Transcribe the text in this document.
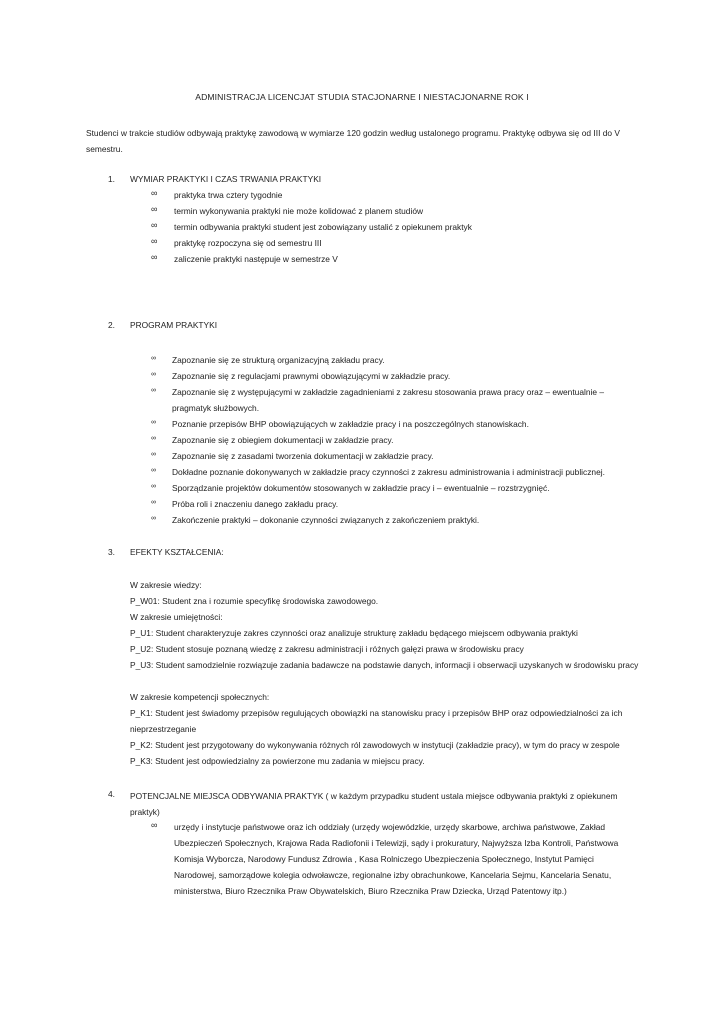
ADMINISTRACJA LICENCJAT STUDIA STACJONARNE I NIESTACJONARNE ROK I
Studenci w trakcie studiów odbywają praktykę zawodową w wymiarze 120 godzin według ustalonego programu. Praktykę odbywa się od III do V semestru.
1. WYMIAR PRAKTYKI I CZAS TRWANIA PRAKTYKI
∞ praktyka trwa cztery tygodnie
∞ termin wykonywania praktyki nie może kolidować z planem studiów
∞ termin odbywania praktyki student jest zobowiązany ustalić z opiekunem praktyk
∞ praktykę rozpoczyna się od semestru III
∞ zaliczenie praktyki następuje w semestrze V
2. PROGRAM PRAKTYKI
∞ Zapoznanie się ze strukturą organizacyjną zakładu pracy.
∞ Zapoznanie się z regulacjami prawnymi obowiązującymi w zakładzie pracy.
∞ Zapoznanie się z występującymi w zakładzie zagadnieniami z zakresu stosowania prawa pracy oraz – ewentualnie – pragmatyk służbowych.
∞ Poznanie przepisów BHP obowiązujących w zakładzie pracy i na poszczególnych stanowiskach.
∞ Zapoznanie się z obiegiem dokumentacji w zakładzie pracy.
∞ Zapoznanie się z zasadami tworzenia dokumentacji w zakładzie pracy.
∞ Dokładne poznanie dokonywanych w zakładzie pracy czynności z zakresu administrowania i administracji publicznej.
∞ Sporządzanie projektów dokumentów stosowanych w zakładzie pracy i – ewentualnie – rozstrzygnięć.
∞ Próba roli i znaczeniu danego zakładu pracy.
∞ Zakończenie praktyki – dokonanie czynności związanych z zakończeniem praktyki.
3. EFEKTY KSZTAŁCENIA:
W zakresie wiedzy:
P_W01: Student zna i rozumie specyfikę środowiska zawodowego.
W zakresie umiejętności:
P_U1: Student charakteryzuje zakres czynności oraz analizuje strukturę zakładu będącego miejscem odbywania praktyki
P_U2: Student stosuje poznaną wiedzę z zakresu administracji i różnych gałęzi prawa w środowisku pracy
P_U3: Student samodzielnie rozwiązuje zadania badawcze na podstawie danych, informacji i obserwacji uzyskanych w środowisku pracy
W zakresie kompetencji społecznych:
P_K1: Student jest świadomy przepisów regulujących obowiązki na stanowisku pracy i przepisów BHP oraz odpowiedzialności za ich nieprzestrzeganie
P_K2: Student jest przygotowany do wykonywania różnych ról zawodowych w instytucji (zakładzie pracy), w tym do pracy w zespole
P_K3: Student jest odpowiedzialny za powierzone mu zadania w miejscu pracy.
4. POTENCJALNE MIEJSCA ODBYWANIA PRAKTYK ( w każdym przypadku student ustala miejsce odbywania praktyki z opiekunem praktyk)
∞ urzędy i instytucje państwowe oraz ich oddziały (urzędy wojewódzkie, urzędy skarbowe, archiwa państwowe, Zakład Ubezpieczeń Społecznych, Krajowa Rada Radiofonii i Telewizji, sądy i prokuratury, Najwyższa Izba Kontroli, Państwowa Komisja Wyborcza, Narodowy Fundusz Zdrowia , Kasa Rolniczego Ubezpieczenia Społecznego, Instytut Pamięci Narodowej, samorządowe kolegia odwoławcze, regionalne izby obrachunkowe, Kancelaria Sejmu, Kancelaria Senatu, ministerstwa, Biuro Rzecznika Praw Obywatelskich, Biuro Rzecznika Praw Dziecka, Urząd Patentowy itp.)
